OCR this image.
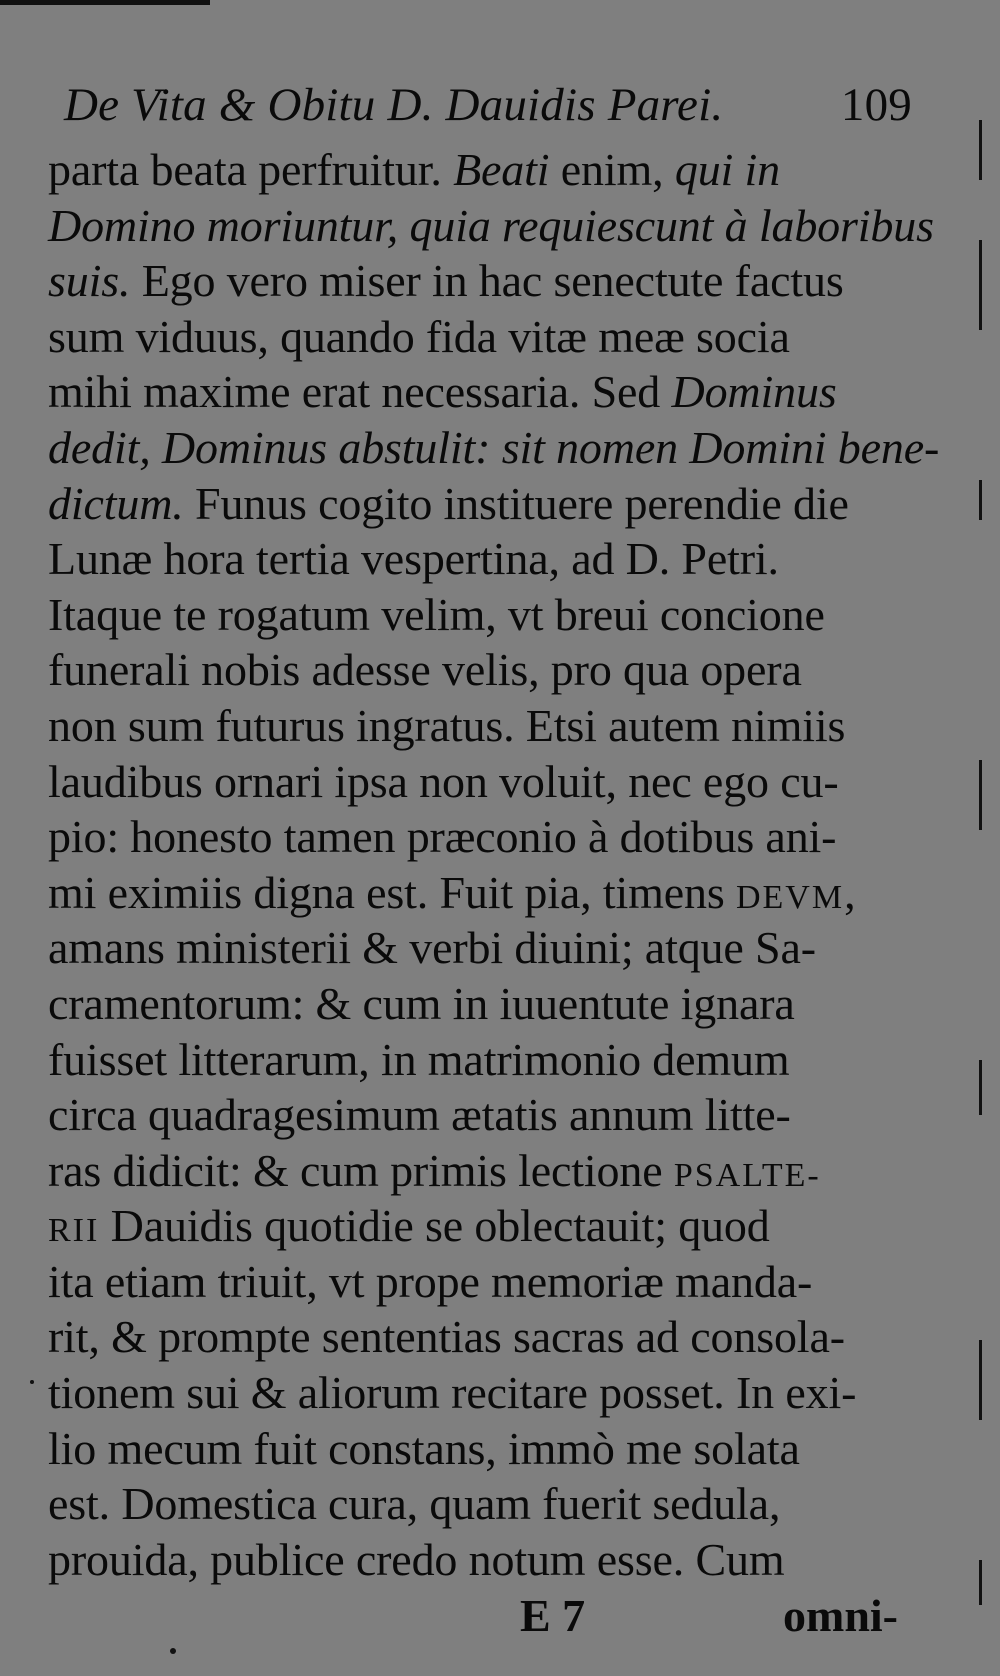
De Vita & Obitu D. Dauidis Parei.	109
parta beata perfruitur. Beati enim, qui in
Domino moriuntur, quia requiescunt à laboribus
suis. Ego vero miser in hac senectute factus
sum viduus, quando fida vitæ meæ socia
mihi maxime erat necessaria. Sed Dominus
dedit, Dominus abstulit: sit nomen Domini bene-
dictum. Funus cogito instituere perendie die
Lunæ hora tertia vespertina, ad D. Petri.
Itaque te rogatum velim, vt breui concione
funerali nobis adesse velis, pro qua opera
non sum futurus ingratus. Etsi autem nimiis
laudibus ornari ipsa non voluit, nec ego cu-
pio: honesto tamen præconio à dotibus ani-
mi eximiis digna est. Fuit pia, timens DEVM,
amans ministerii & verbi diuini; atque Sa-
cramentorum: & cum in iuuentute ignara
fuisset litterarum, in matrimonio demum
circa quadragesimum ætatis annum litte-
ras didicit: & cum primis lectione PSALTE-
RII Dauidis quotidie se oblectauit; quod
ita etiam triuit, vt prope memoriæ manda-
rit, & prompte sententias sacras ad consola-
tionem sui & aliorum recitare posset. In exi-
lio mecum fuit constans, immò me solata
est. Domestica cura, quam fuerit sedula,
prouida, publice credo notum esse. Cum
E 7	omni-
